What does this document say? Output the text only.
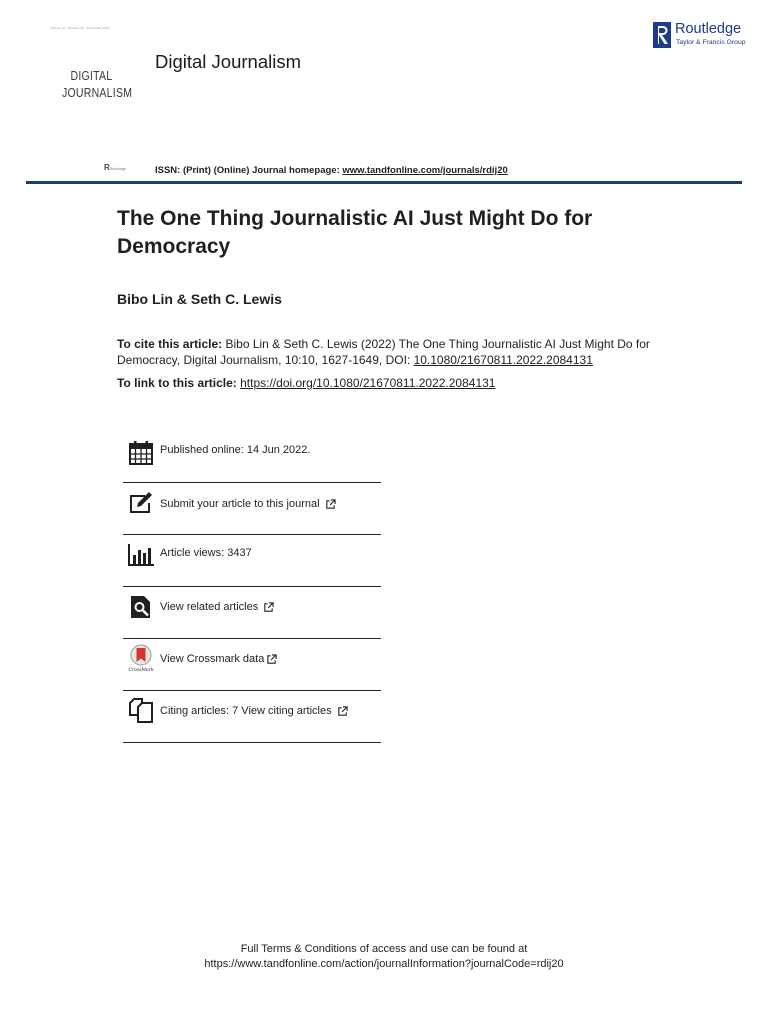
Volume 10 · Number 10 · December 2022
DIGITAL
JOURNALISM
Digital Journalism
RRoutledge	ISSN: (Print) (Online) Journal homepage: www.tandfonline.com/journals/rdij20
Routledge
Taylor & Francis Group
The One Thing Journalistic AI Just Might Do for Democracy
Bibo Lin & Seth C. Lewis
To cite this article: Bibo Lin & Seth C. Lewis (2022) The One Thing Journalistic AI Just Might Do for Democracy, Digital Journalism, 10:10, 1627-1649, DOI: 10.1080/21670811.2022.2084131
To link to this article: https://doi.org/10.1080/21670811.2022.2084131
Published online: 14 Jun 2022.
Submit your article to this journal
Article views: 3437
View related articles
CrossMark
View Crossmark data
Citing articles: 7 View citing articles
Full Terms & Conditions of access and use can be found at
https://www.tandfonline.com/action/journalInformation?journalCode=rdij20
